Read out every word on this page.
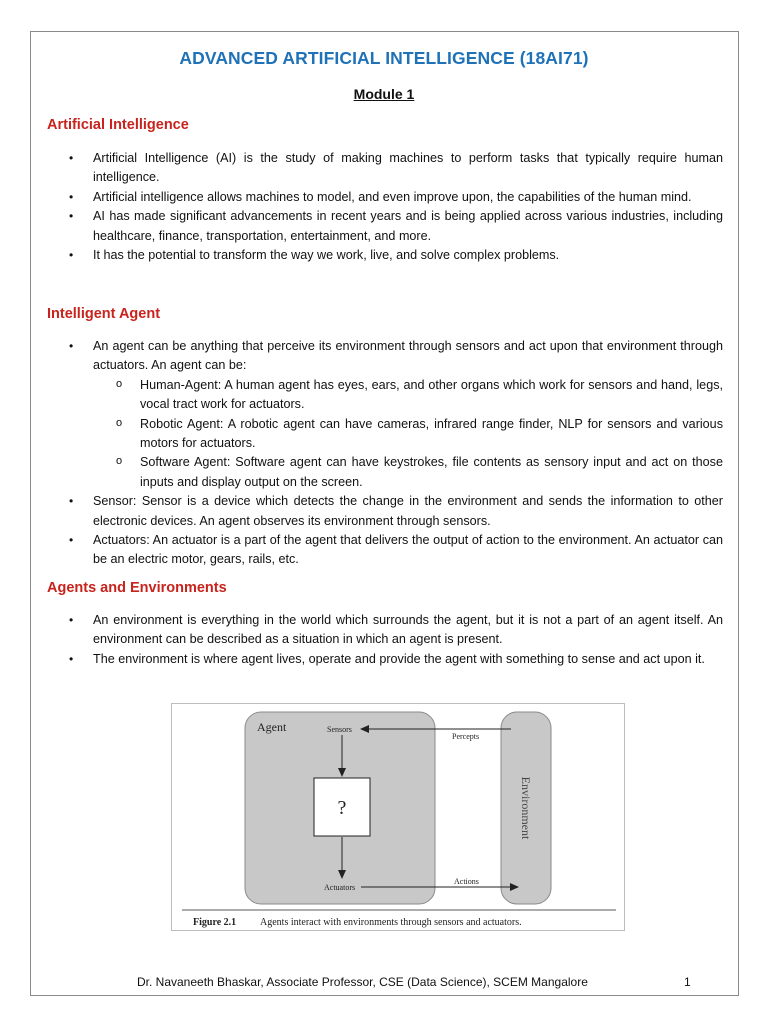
ADVANCED ARTIFICIAL INTELLIGENCE (18AI71)
Module 1
Artificial Intelligence
• Artificial Intelligence (AI) is the study of making machines to perform tasks that typically require human intelligence.
• Artificial intelligence allows machines to model, and even improve upon, the capabilities of the human mind.
• AI has made significant advancements in recent years and is being applied across various industries, including healthcare, finance, transportation, entertainment, and more.
• It has the potential to transform the way we work, live, and solve complex problems.
Intelligent Agent
• An agent can be anything that perceive its environment through sensors and act upon that environment through actuators. An agent can be:
o Human-Agent: A human agent has eyes, ears, and other organs which work for sensors and hand, legs, vocal tract work for actuators.
o Robotic Agent: A robotic agent can have cameras, infrared range finder, NLP for sensors and various motors for actuators.
o Software Agent: Software agent can have keystrokes, file contents as sensory input and act on those inputs and display output on the screen.
• Sensor: Sensor is a device which detects the change in the environment and sends the information to other electronic devices. An agent observes its environment through sensors.
• Actuators: An actuator is a part of the agent that delivers the output of action to the environment. An actuator can be an electric motor, gears, rails, etc.
Agents and Environments
• An environment is everything in the world which surrounds the agent, but it is not a part of an agent itself. An environment can be described as a situation in which an agent is present.
• The environment is where agent lives, operate and provide the agent with something to sense and act upon it.
Agent	Sensors
Percepts
?	Environment
Actions
Actuators
Figure 2.1 Agents interact with environments through sensors and actuators.
Dr. Navaneeth Bhaskar, Associate Professor, CSE (Data Science), SCEM Mangalore	1
